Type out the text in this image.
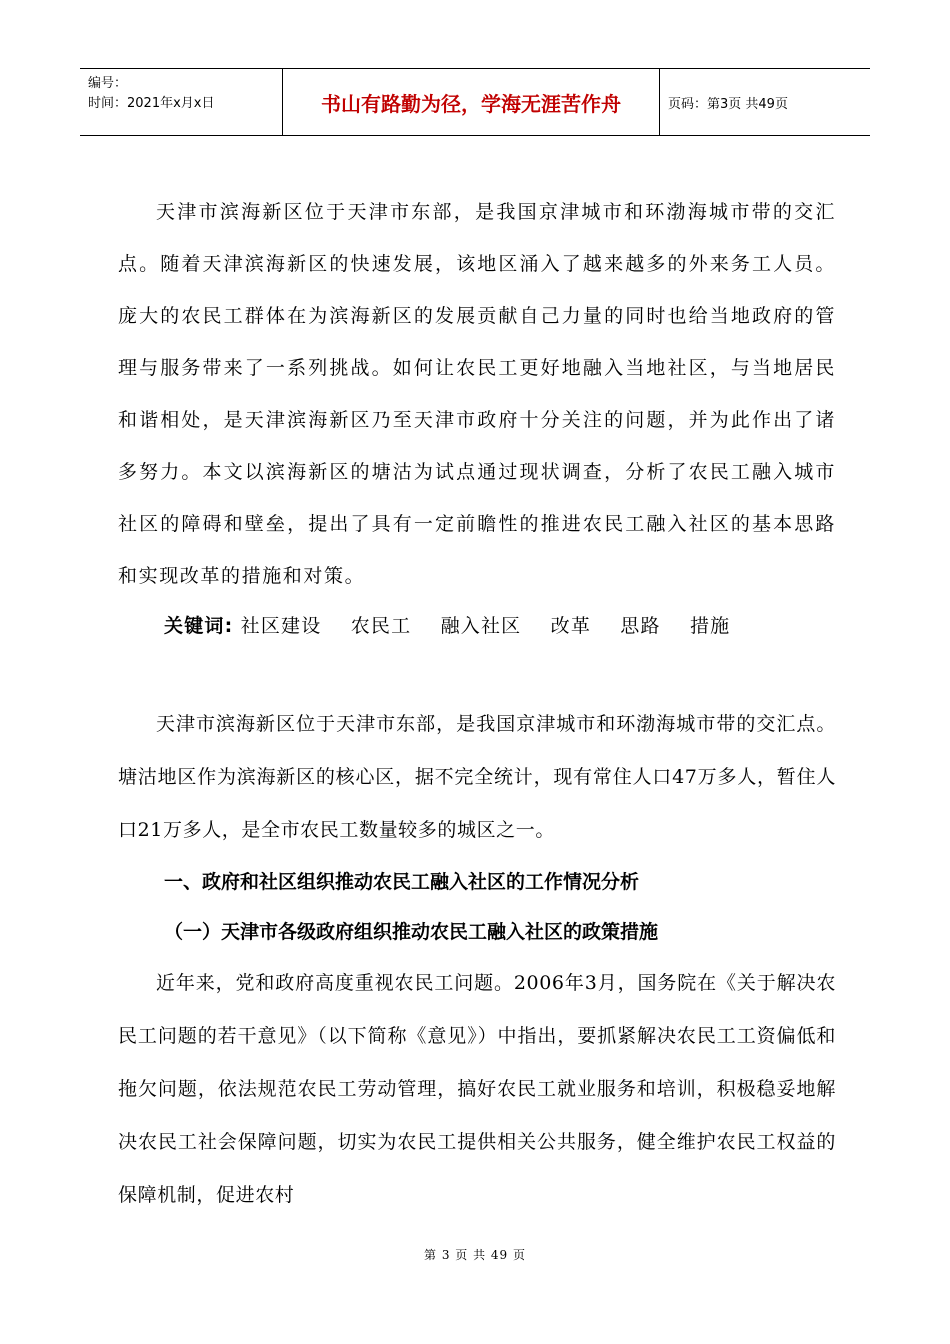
编号：
时间：2021年x月x日	书山有路勤为径，学海无涯苦作舟	页码：第3页 共49页

天津市滨海新区位于天津市东部，是我国京津城市和环渤海城市带的交汇点。随着天津滨海新区的快速发展，该地区涌入了越来越多的外来务工人员。庞大的农民工群体在为滨海新区的发展贡献自己力量的同时也给当地政府的管理与服务带来了一系列挑战。如何让农民工更好地融入当地社区，与当地居民和谐相处，是天津滨海新区乃至天津市政府十分关注的问题，并为此作出了诸多努力。本文以滨海新区的塘沽为试点通过现状调查，分析了农民工融入城市社区的障碍和壁垒，提出了具有一定前瞻性的推进农民工融入社区的基本思路和实现改革的措施和对策。

关键词: 社区建设 农民工 融入社区 改革 思路 措施

天津市滨海新区位于天津市东部，是我国京津城市和环渤海城市带的交汇点。塘沽地区作为滨海新区的核心区，据不完全统计，现有常住人口47万多人，暂住人口21万多人，是全市农民工数量较多的城区之一。

一、政府和社区组织推动农民工融入社区的工作情况分析

（一）天津市各级政府组织推动农民工融入社区的政策措施

近年来，党和政府高度重视农民工问题。2006年3月，国务院在《关于解决农民工问题的若干意见》（以下简称《意见》）中指出，要抓紧解决农民工工资偏低和拖欠问题，依法规范农民工劳动管理，搞好农民工就业服务和培训，积极稳妥地解决农民工社会保障问题，切实为农民工提供相关公共服务，健全维护农民工权益的保障机制，促进农村

第 3 页 共 49 页
